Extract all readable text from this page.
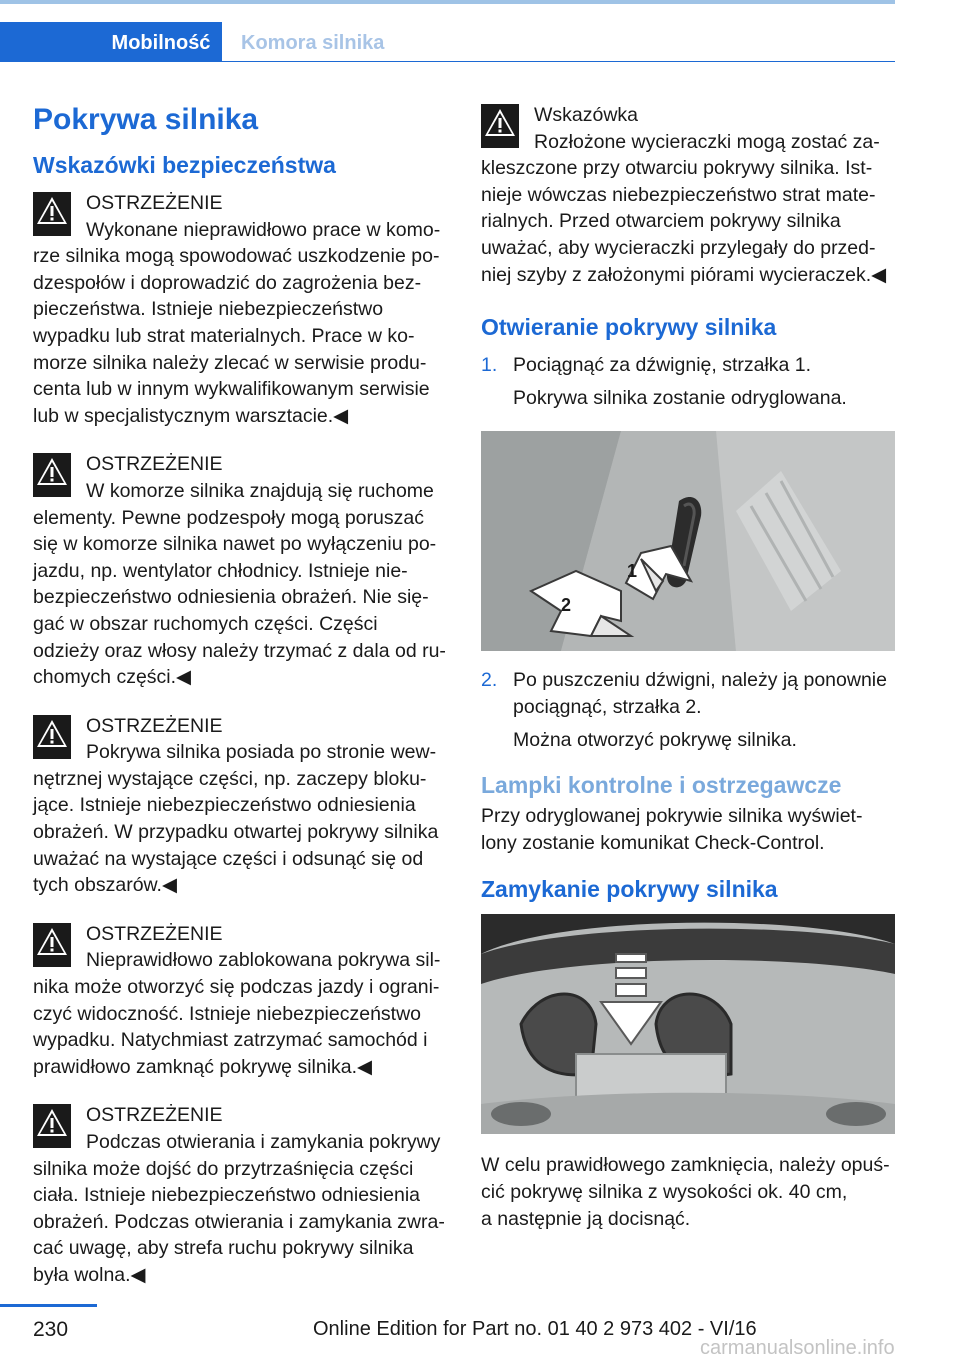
Mobilność	Komora silnika
Pokrywa silnika
Wskazówki bezpieczeństwa

OSTRZEŻENIE

Wykonane nieprawidłowo prace w komo-

rze silnika mogą spowodować uszkodzenie po-

dzespołów i doprowadzić do zagrożenia bez-

pieczeństwa. Istnieje niebezpieczeństwo

wypadku lub strat materialnych. Prace w ko-

morze silnika należy zlecać w serwisie produ-

centa lub w innym wykwalifikowanym serwisie

lub w specjalistycznym warsztacie.◀

OSTRZEŻENIE

W komorze silnika znajdują się ruchome

elementy. Pewne podzespoły mogą poruszać

się w komorze silnika nawet po wyłączeniu po-

jazdu, np. wentylator chłodnicy. Istnieje nie-

bezpieczeństwo odniesienia obrażeń. Nie się-

gać w obszar ruchomych części. Części

odzieży oraz włosy należy trzymać z dala od ru-

chomych części.◀

OSTRZEŻENIE

Pokrywa silnika posiada po stronie wew-

nętrznej wystające części, np. zaczepy bloku-

jące. Istnieje niebezpieczeństwo odniesienia

obrażeń. W przypadku otwartej pokrywy silnika

uważać na wystające części i odsunąć się od

tych obszarów.◀

OSTRZEŻENIE

Nieprawidłowo zablokowana pokrywa sil-

nika może otworzyć się podczas jazdy i ograni-

czyć widoczność. Istnieje niebezpieczeństwo

wypadku. Natychmiast zatrzymać samochód i

prawidłowo zamknąć pokrywę silnika.◀

OSTRZEŻENIE

Podczas otwierania i zamykania pokrywy

silnika może dojść do przytrzaśnięcia części

ciała. Istnieje niebezpieczeństwo odniesienia

obrażeń. Podczas otwierania i zamykania zwra-

cać uwagę, aby strefa ruchu pokrywy silnika

była wolna.◀

Wskazówka

Rozłożone wycieraczki mogą zostać za-

kleszczone przy otwarciu pokrywy silnika. Ist-

nieje wówczas niebezpieczeństwo strat mate-

rialnych. Przed otwarciem pokrywy silnika

uważać, aby wycieraczki przylegały do przed-

niej szyby z założonymi piórami wycieraczek.◀

Otwieranie pokrywy silnika
1. Pociągnąć za dźwignię, strzałka 1.

Pokrywa silnika zostanie odryglowana.

1
2
2. Po puszczeniu dźwigni, należy ją ponownie

pociągnąć, strzałka 2.

Można otworzyć pokrywę silnika.

Lampki kontrolne i ostrzegawcze

Przy odryglowanej pokrywie silnika wyświet-

lony zostanie komunikat Check-Control.

Zamykanie pokrywy silnika

W celu prawidłowego zamknięcia, należy opuś-

cić pokrywę silnika z wysokości ok. 40 cm,

a następnie ją docisnąć.

230	Online Edition for Part no. 01 40 2 973 402 - VI/16
carmanualsonline.info
